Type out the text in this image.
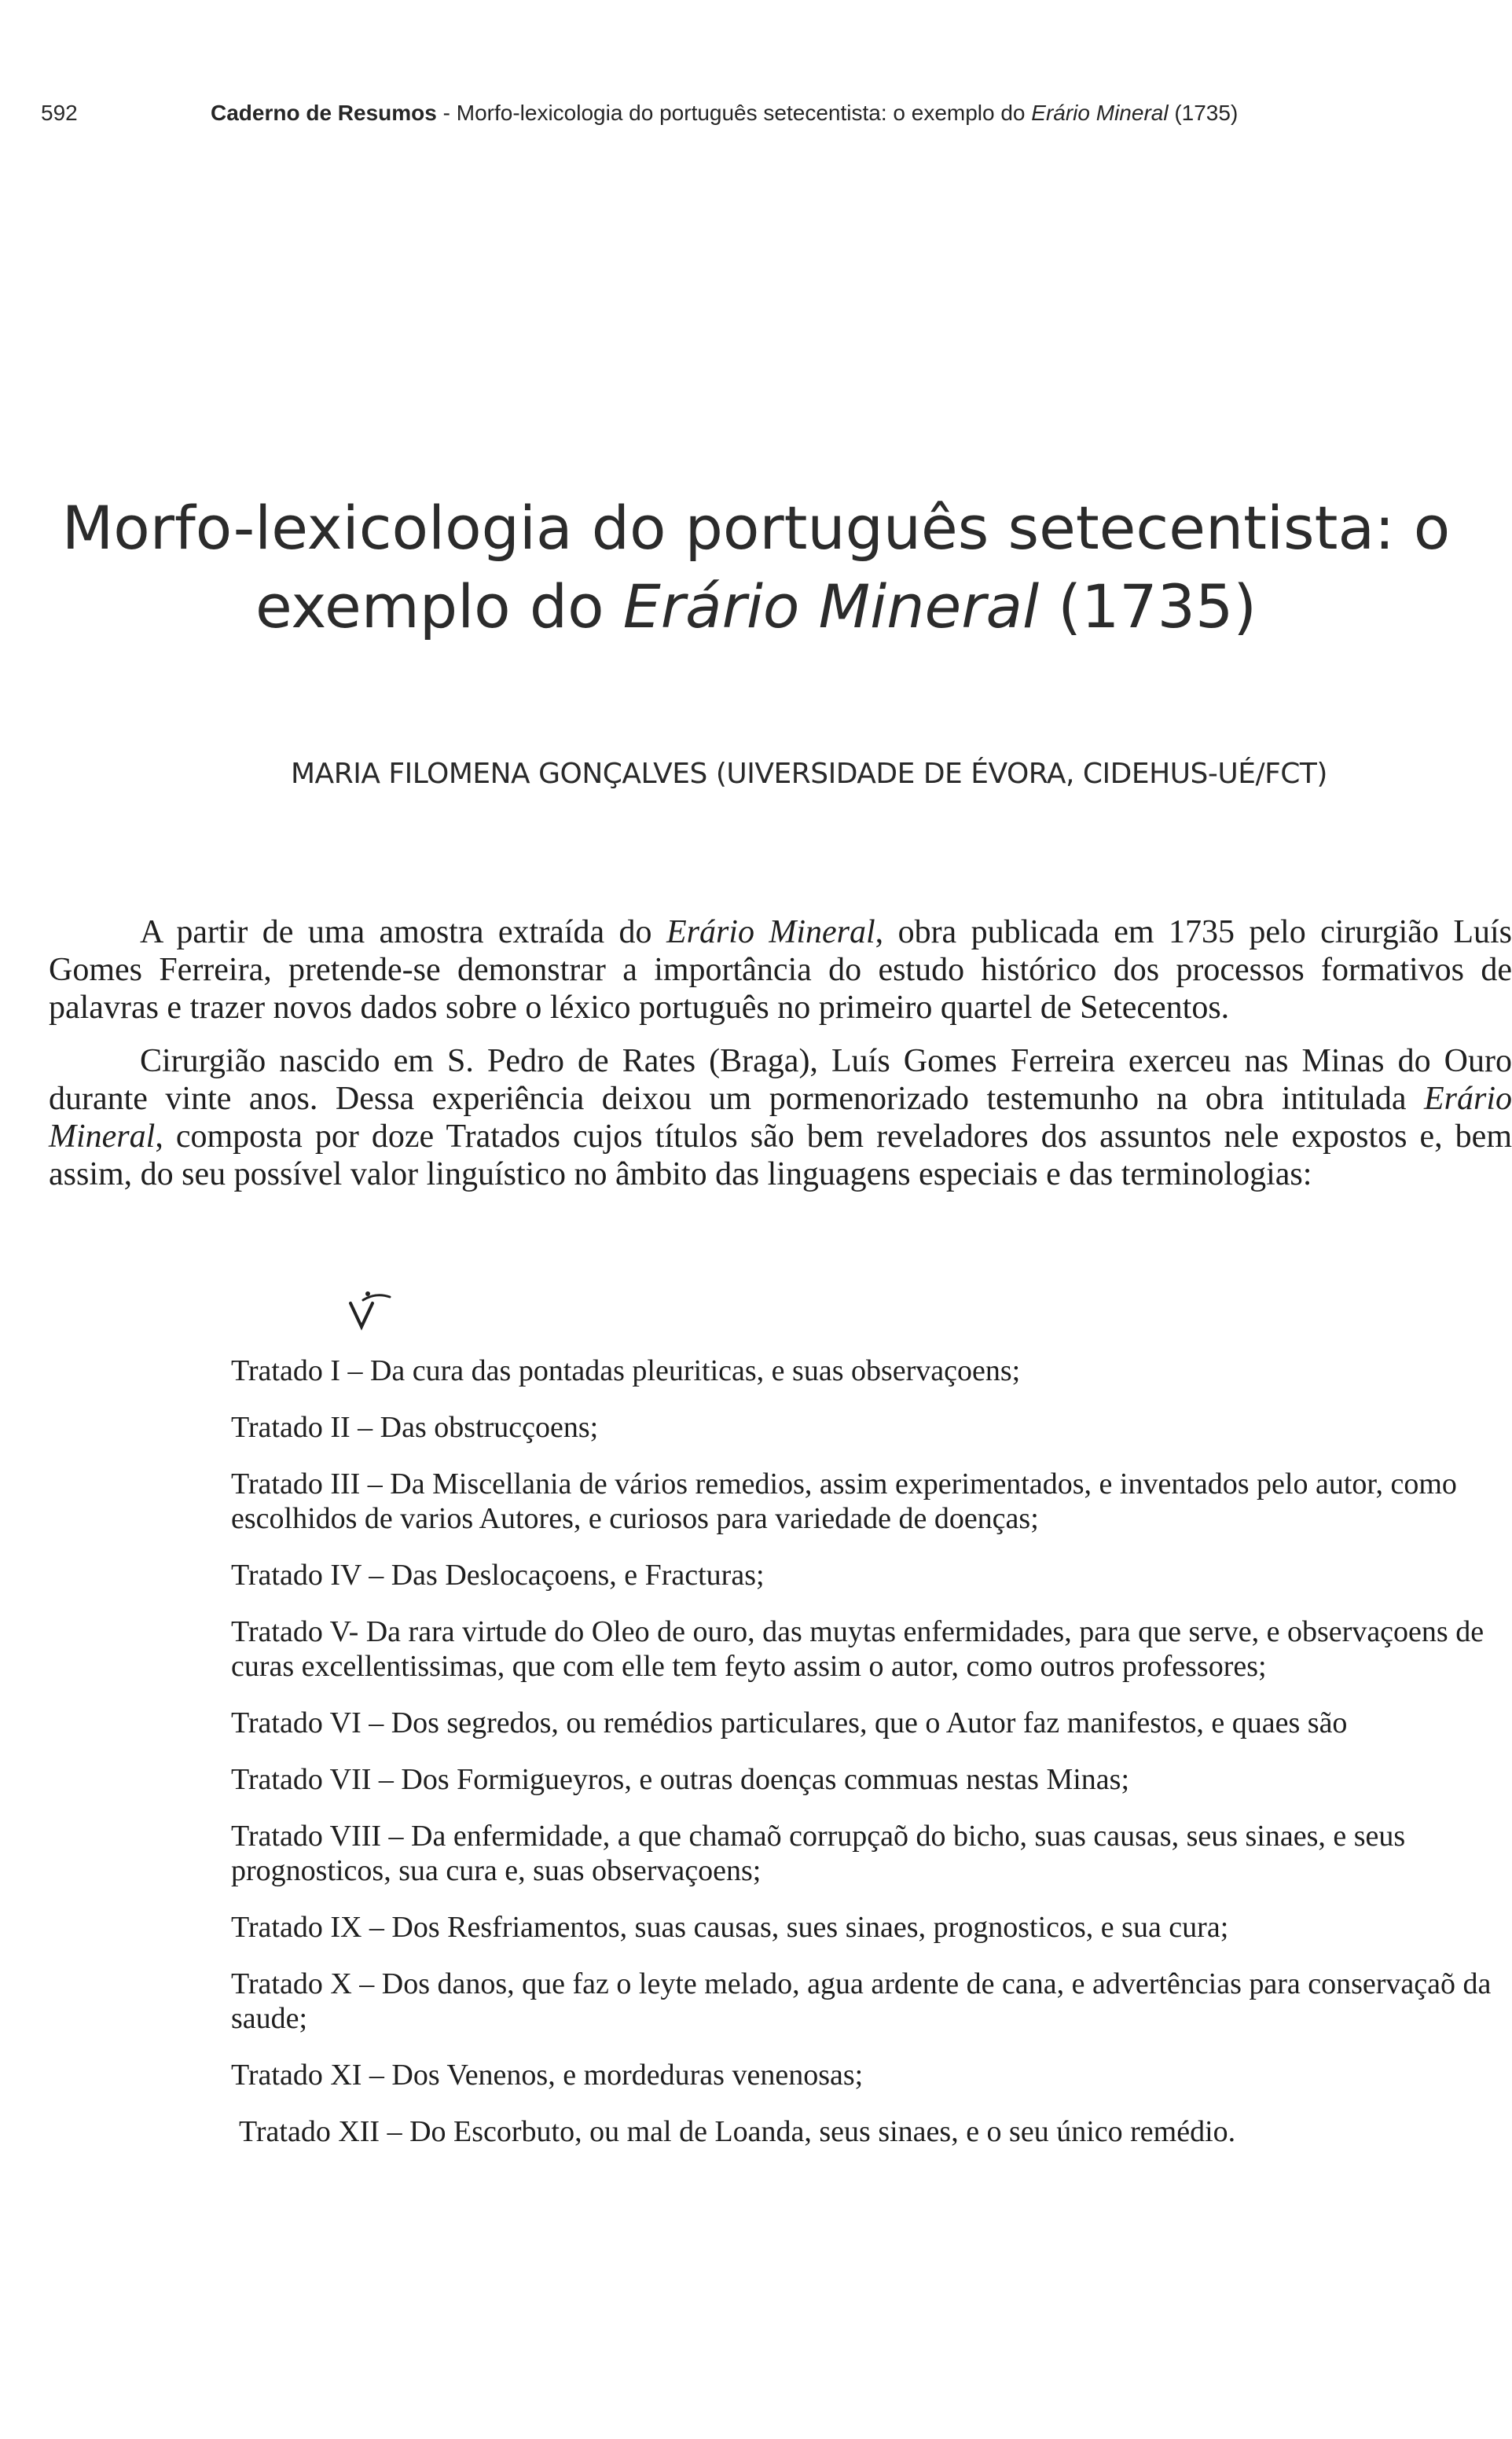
592	Caderno de Resumos - Morfo-lexicologia do português setecentista: o exemplo do Erário Mineral (1735)
Morfo-lexicologia do português setecentista: o
exemplo do Erário Mineral (1735)
MARIA FILOMENA GONÇALVES (UIVERSIDADE DE ÉVORA, CIDEHUS-UÉ/FCT)

A partir de uma amostra extraída do Erário Mineral, obra publicada em 1735 pelo cirurgião Luís Gomes Ferreira, pretende-se demonstrar a importância do estudo histórico dos processos formativos de palavras e trazer novos dados sobre o léxico português no primeiro quartel de Setecentos.

Cirurgião nascido em S. Pedro de Rates (Braga), Luís Gomes Ferreira exerceu nas Minas do Ouro durante vinte anos. Dessa experiência deixou um pormenorizado testemunho na obra intitulada Erário Mineral, composta por doze Tratados cujos títulos são bem reveladores dos assuntos nele expostos e, bem assim, do seu possível valor linguístico no âmbito das linguagens especiais e das terminologias:

Tratado I – Da cura das pontadas pleuriticas, e suas observaçoens;
Tratado II – Das obstrucçoens;
Tratado III – Da Miscellania de vários remedios, assim experimentados, e inventados pelo autor, como escolhidos de varios Autores, e curiosos para variedade de doenças;
Tratado IV – Das Deslocaçoens, e Fracturas;
Tratado V- Da rara virtude do Oleo de ouro, das muytas enfermidades, para que serve, e observaçoens de curas excellentissimas, que com elle tem feyto assim o autor, como outros professores;
Tratado VI – Dos segredos, ou remédios particulares, que o Autor faz manifestos, e quaes são
Tratado VII – Dos Formigueyros, e outras doenças commuas nestas Minas;
Tratado VIII – Da enfermidade, a que chamaõ corrupçaõ do bicho, suas causas, seus sinaes, e seus prognosticos, sua cura e, suas observaçoens;
Tratado IX – Dos Resfriamentos, suas causas, sues sinaes, prognosticos, e sua cura;
Tratado X – Dos danos, que faz o leyte melado, agua ardente de cana, e advertências para conservaçaõ da saude;
Tratado XI – Dos Venenos, e mordeduras venenosas;
Tratado XII – Do Escorbuto, ou mal de Loanda, seus sinaes, e o seu único remédio.
